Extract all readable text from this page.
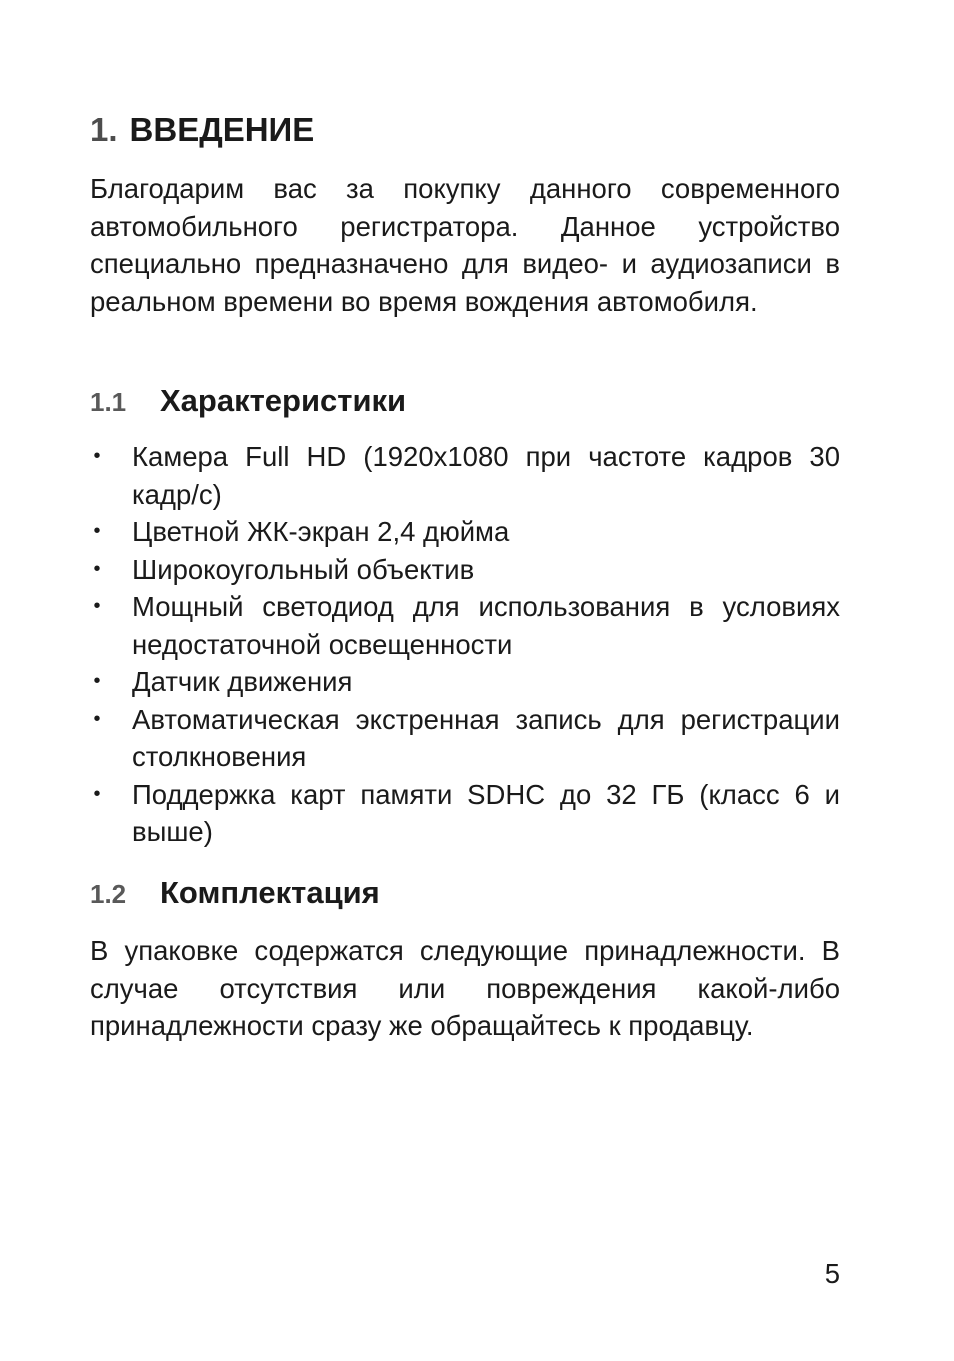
1. ВВЕДЕНИЕ
Благодарим вас за покупку данного современного автомобильного регистратора. Данное устройство специально предназначено для видео- и аудиозаписи в реальном времени во время вождения автомобиля.
1.1 Характеристики
• Камера Full HD (1920x1080 при частоте кадров 30 кадр/с)
• Цветной ЖК-экран 2,4 дюйма
• Широкоугольный объектив
• Мощный светодиод для использования в условиях недостаточной освещенности
• Датчик движения
• Автоматическая экстренная запись для регистрации столкновения
• Поддержка карт памяти SDHC до 32 ГБ (класс 6 и выше)
1.2 Комплектация
В упаковке содержатся следующие принадлежности. В случае отсутствия или повреждения какой-либо принадлежности сразу же обращайтесь к продавцу.
5
